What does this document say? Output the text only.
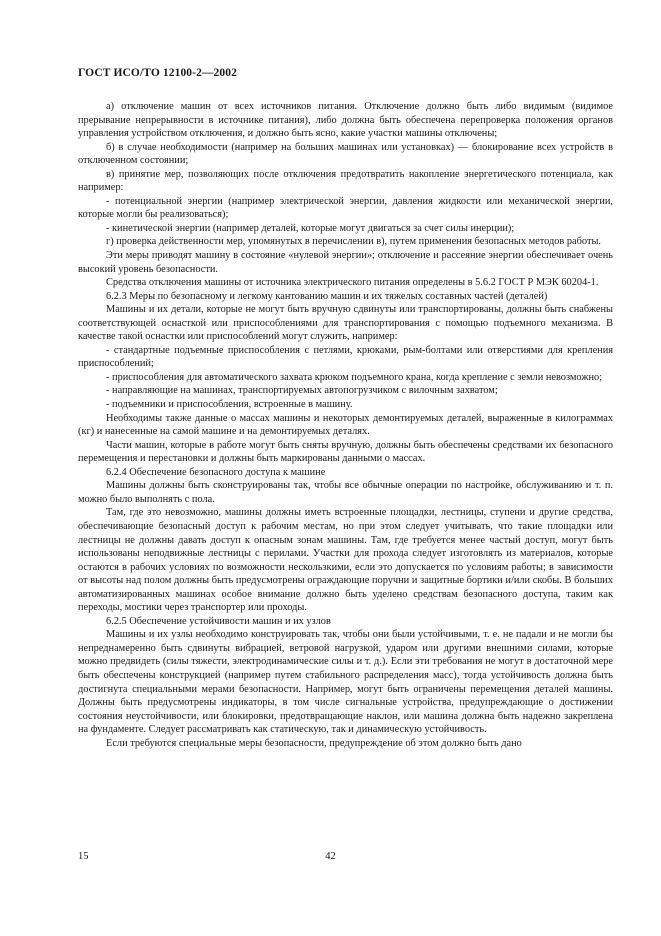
ГОСТ ИСО/ТО 12100-2—2002

а) отключение машин от всех источников питания. Отключение должно быть либо видимым (видимое прерывание непрерывности в источнике питания), либо должна быть обеспечена перепроверка положения органов управления устройством отключения, и должно быть ясно, какие участки машины отключены;

б) в случае необходимости (например на больших машинах или установках) — блокирование всех устройств в отключенном состоянии;

в) принятие мер, позволяющих после отключения предотвратить накопление энергетического потенциала, как например:

- потенциальной энергии (например электрической энергии, давления жидкости или механической энергии, которые могли бы реализоваться);

- кинетической энергии (например деталей, которые могут двигаться за счет силы инерции);

г) проверка действенности мер, упомянутых в перечислении в), путем применения безопасных методов работы.

Эти меры приводят машину в состояние «нулевой энергии»; отключение и рассеяние энергии обеспечивает очень высокий уровень безопасности.

Средства отключения машины от источника электрического питания определены в 5.6.2 ГОСТ Р МЭК 60204-1.

6.2.3 Меры по безопасному и легкому кантованию машин и их тяжелых составных частей (деталей)

Машины и их детали, которые не могут быть вручную сдвинуты или транспортированы, должны быть снабжены соответствующей оснасткой или приспособлениями для транспортирования с помощью подъемного механизма. В качестве такой оснастки или приспособлений могут служить, например:

- стандартные подъемные приспособления с петлями, крюками, рым-болтами или отверстиями для крепления приспособлений;

- приспособления для автоматического захвата крюком подъемного крана, когда крепление с земли невозможно;

- направляющие на машинах, транспортируемых автопогрузчиком с вилочным захватом;

- подъемники и приспособления, встроенные в машину.

Необходимы также данные о массах машины и некоторых демонтируемых деталей, выраженные в килограммах (кг) и нанесенные на самой машине и на демонтируемых деталях.

Части машин, которые в работе могут быть сняты вручную, должны быть обеспечены средствами их безопасного перемещения и перестановки и должны быть маркированы данными о массах.

6.2.4 Обеспечение безопасного доступа к машине

Машины должны быть сконструированы так, чтобы все обычные операции по настройке, обслуживанию и т. п. можно было выполнять с пола.

Там, где это невозможно, машины должны иметь встроенные площадки, лестницы, ступени и другие средства, обеспечивающие безопасный доступ к рабочим местам, но при этом следует учитывать, что такие площадки или лестницы не должны давать доступ к опасным зонам машины. Там, где требуется менее частый доступ, могут быть использованы неподвижные лестницы с перилами. Участки для прохода следует изготовлять из материалов, которые остаются в рабочих условиях по возможности нескользкими, если это допускается по условиям работы; в зависимости от высоты над полом должны быть предусмотрены ограждающие поручни и защитные бортики и/или скобы. В больших автоматизированных машинах особое внимание должно быть уделено средствам безопасного доступа, таким как переходы, мостики через транспортер или проходы.

6.2.5 Обеспечение устойчивости машин и их узлов

Машины и их узлы необходимо конструировать так, чтобы они были устойчивыми, т. е. не падали и не могли бы непреднамеренно быть сдвинуты вибрацией, ветровой нагрузкой, ударом или другими внешними силами, которые можно предвидеть (силы тяжести, электродинамические силы и т. д.). Если эти требования не могут в достаточной мере быть обеспечены конструкцией (например путем стабильного распределения масс), тогда устойчивость должна быть достигнута специальными мерами безопасности. Например, могут быть ограничены перемещения деталей машины. Должны быть предусмотрены индикаторы, в том числе сигнальные устройства, предупреждающие о достижении состояния неустойчивости, или блокировки, предотвращающие наклон, или машина должна быть надежно закреплена на фундаменте. Следует рассматривать как статическую, так и динамическую устойчивость.

Если требуются специальные меры безопасности, предупреждение об этом должно быть дано

15	42
